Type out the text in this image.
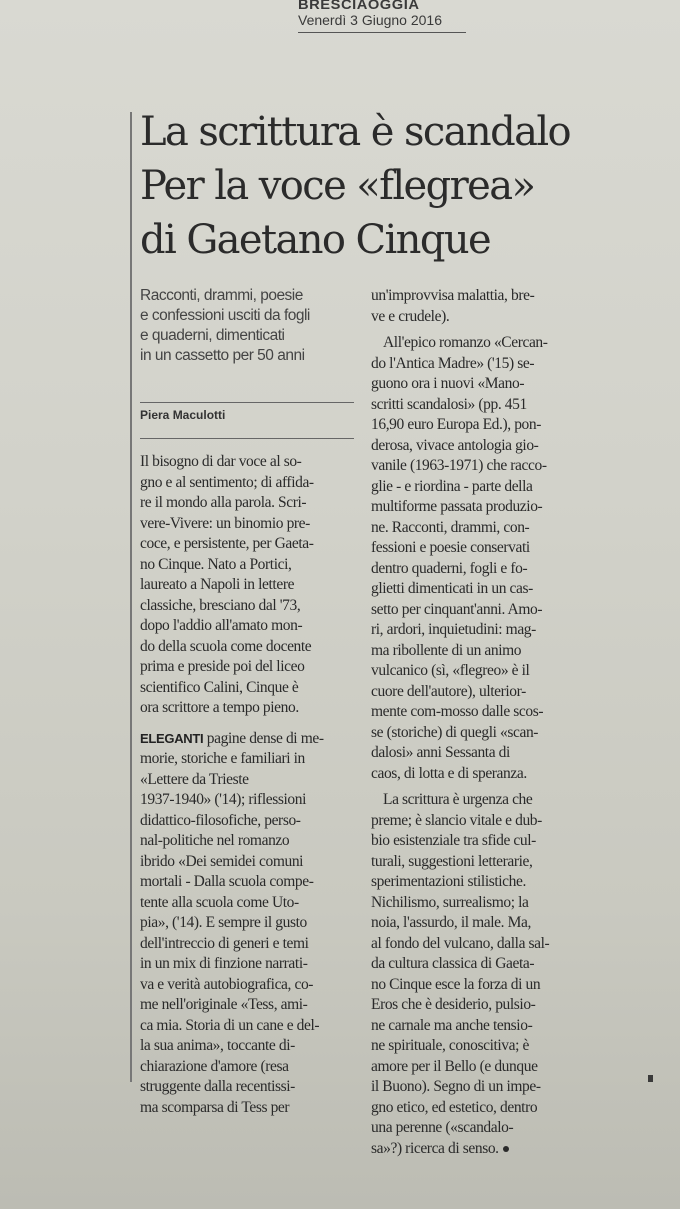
BRESCIAOGGIA
Venerdì 3 Giugno 2016
La scrittura è scandalo
Per la voce «flegrea»
di Gaetano Cinque
Racconti, drammi, poesie
e confessioni usciti da fogli
e quaderni, dimenticati
in un cassetto per 50 anni
Piera Maculotti
Il bisogno di dar voce al so-
gno e al sentimento; di affida-
re il mondo alla parola. Scri-
vere-Vivere: un binomio pre-
coce, e persistente, per Gaeta-
no Cinque. Nato a Portici,
laureato a Napoli in lettere
classiche, bresciano dal '73,
dopo l'addio all'amato mon-
do della scuola come docente
prima e preside poi del liceo
scientifico Calini, Cinque è
ora scrittore a tempo pieno.
ELEGANTI pagine dense di me-
morie, storiche e familiari in
«Lettere da Trieste
1937-1940» ('14); riflessioni
didattico-filosofiche, perso-
nal-politiche nel romanzo
ibrido «Dei semidei comuni
mortali - Dalla scuola compe-
tente alla scuola come Uto-
pia», ('14). E sempre il gusto
dell'intreccio di generi e temi
in un mix di finzione narrati-
va e verità autobiografica, co-
me nell'originale «Tess, ami-
ca mia. Storia di un cane e del-
la sua anima», toccante di-
chiarazione d'amore (resa
struggente dalla recentissi-
ma scomparsa di Tess per
un'improvvisa malattia, bre-
ve e crudele).
All'epico romanzo «Cercan-
do l'Antica Madre» ('15) se-
guono ora i nuovi «Mano-
scritti scandalosi» (pp. 451
16,90 euro Europa Ed.), pon-
derosa, vivace antologia gio-
vanile (1963-1971) che racco-
glie - e riordina - parte della
multiforme passata produzio-
ne. Racconti, drammi, con-
fessioni e poesie conservati
dentro quaderni, fogli e fo-
glietti dimenticati in un cas-
setto per cinquant'anni. Amo-
ri, ardori, inquietudini: mag-
ma ribollente di un animo
vulcanico (sì, «flegreo» è il
cuore dell'autore), ulterior-
mente com-mosso dalle scos-
se (storiche) di quegli «scan-
dalosi» anni Sessanta di
caos, di lotta e di speranza.
La scrittura è urgenza che
preme; è slancio vitale e dub-
bio esistenziale tra sfide cul-
turali, suggestioni letterarie,
sperimentazioni stilistiche.
Nichilismo, surrealismo; la
noia, l'assurdo, il male. Ma,
al fondo del vulcano, dalla sal-
da cultura classica di Gaeta-
no Cinque esce la forza di un
Eros che è desiderio, pulsio-
ne carnale ma anche tensio-
ne spirituale, conoscitiva; è
amore per il Bello (e dunque
il Buono). Segno di un impe-
gno etico, ed estetico, dentro
una perenne («scandalo-
sa»?) ricerca di senso.
